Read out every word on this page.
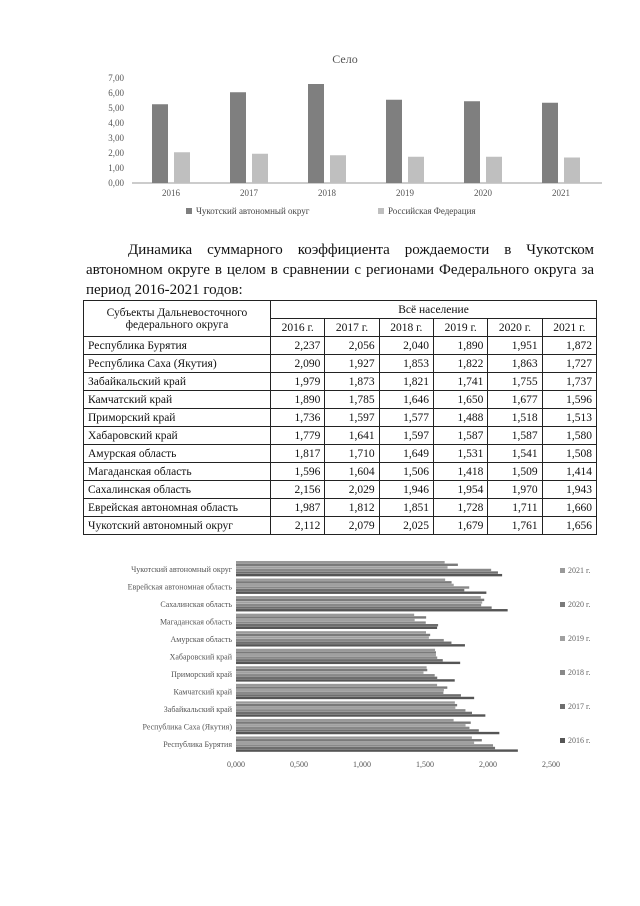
Село
0,00
1,00
2,00
3,00
4,00
5,00
6,00
7,00
2016	2017	2018	2019	2020	2021
Чукотский автономный округ	Российская Федерация
Динамика суммарного коэффициента рождаемости в Чукотском автономном округе в целом в сравнении с регионами Федерального округа за период 2016-2021 годов:
Субъекты Дальневосточного федерального округа	Всё население					
	2016 г.	2017 г.	2018 г.	2019 г.	2020 г.	2021 г.
Республика Бурятия	2,237	2,056	2,040	1,890	1,951	1,872
Республика Саха (Якутия)	2,090	1,927	1,853	1,822	1,863	1,727
Забайкальский край	1,979	1,873	1,821	1,741	1,755	1,737
Камчатский край	1,890	1,785	1,646	1,650	1,677	1,596
Приморский край	1,736	1,597	1,577	1,488	1,518	1,513
Хабаровский край	1,779	1,641	1,597	1,587	1,587	1,580
Амурская область	1,817	1,710	1,649	1,531	1,541	1,508
Магаданская область	1,596	1,604	1,506	1,418	1,509	1,414
Сахалинская область	2,156	2,029	1,946	1,954	1,970	1,943
Еврейская автономная область	1,987	1,812	1,851	1,728	1,711	1,660
Чукотский автономный округ	2,112	2,079	2,025	1,679	1,761	1,656
Республика Бурятия
Республика Саха (Якутия)
Забайкальский край
Камчатский край
Приморский край
Хабаровский край
Амурская область
Магаданская область
Сахалинская область
Еврейская автономная область
Чукотский автономный округ
0,000	0,500	1,000	1,500	2,000	2,500
2021 г.
2020 г.
2019 г.
2018 г.
2017 г.
2016 г.
